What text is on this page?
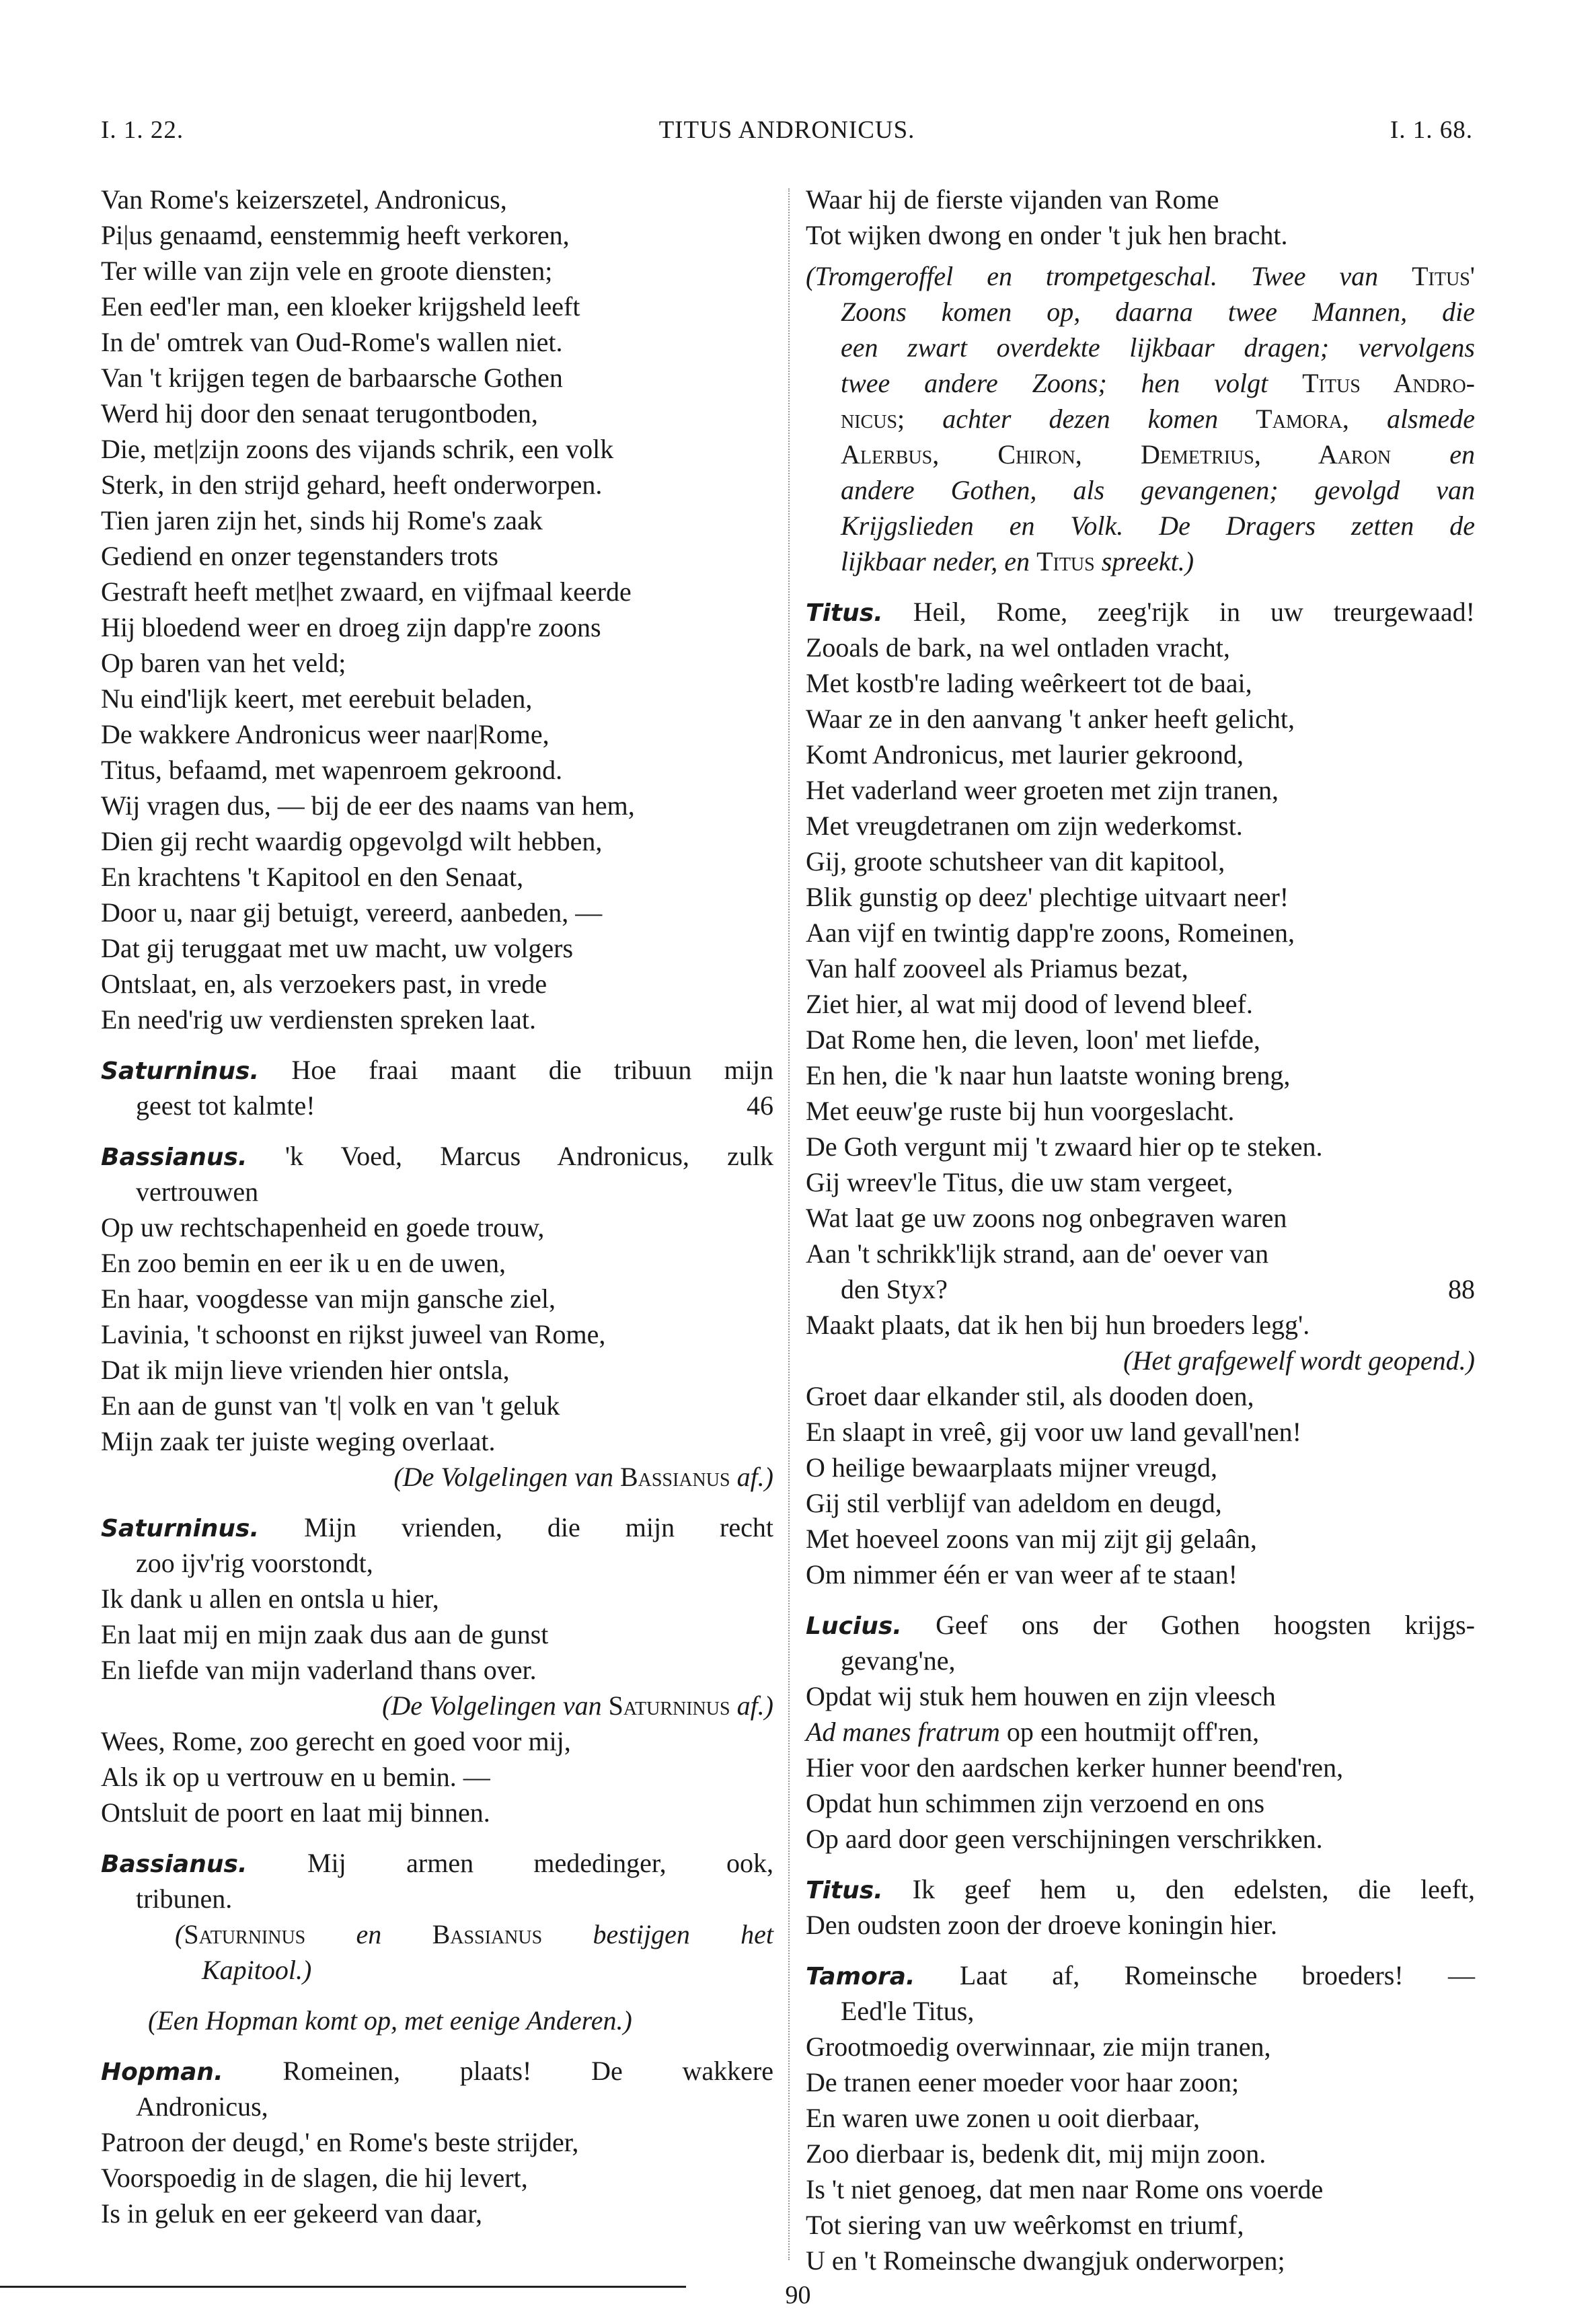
I. 1. 22.	TITUS ANDRONICUS.	I. 1. 68.
Van Rome's keizerszetel, Andronicus,
Pi|us genaamd, eenstemmig heeft verkoren,
Ter wille van zijn vele en groote diensten;
Een eed'ler man, een kloeker krijgsheld leeft
In de' omtrek van Oud-Rome's wallen niet.
Van 't krijgen tegen de barbaarsche Gothen
Werd hij door den senaat terugontboden,
Die, met|zijn zoons des vijands schrik, een volk
Sterk, in den strijd gehard, heeft onderworpen.
Tien jaren zijn het, sinds hij Rome's zaak
Gediend en onzer tegenstanders trots
Gestraft heeft met|het zwaard, en vijfmaal keerde
Hij bloedend weer en droeg zijn dapp're zoons
Op baren van het veld;
Nu eind'lijk keert, met eerebuit beladen,
De wakkere Andronicus weer naar|Rome,
Titus, befaamd, met wapenroem gekroond.
Wij vragen dus, — bij de eer des naams van hem,
Dien gij recht waardig opgevolgd wilt hebben,
En krachtens 't Kapitool en den Senaat,
Door u, naar gij betuigt, vereerd, aanbeden, —
Dat gij teruggaat met uw macht, uw volgers
Ontslaat, en, als verzoekers past, in vrede
En need'rig uw verdiensten spreken laat.
Saturninus. Hoe fraai maant die tribuun mijn
geest tot kalmte!	46
Bassianus. 'k Voed, Marcus Andronicus, zulk
vertrouwen
Op uw rechtschapenheid en goede trouw,
En zoo bemin en eer ik u en de uwen,
En haar, voogdesse van mijn gansche ziel,
Lavinia, 't schoonst en rijkst juweel van Rome,
Dat ik mijn lieve vrienden hier ontsla,
En aan de gunst van 't| volk en van 't geluk
Mijn zaak ter juiste weging overlaat.
(De Volgelingen van Bassianus af.)
Saturninus. Mijn vrienden, die mijn recht
zoo ijv'rig voorstondt,
Ik dank u allen en ontsla u hier,
En laat mij en mijn zaak dus aan de gunst
En liefde van mijn vaderland thans over.
(De Volgelingen van Saturninus af.)
Wees, Rome, zoo gerecht en goed voor mij,
Als ik op u vertrouw en u bemin. —
Ontsluit de poort en laat mij binnen.
Bassianus. Mij armen mededinger, ook,
tribunen.
(Saturninus en Bassianus bestijgen het
Kapitool.)
(Een Hopman komt op, met eenige Anderen.)
Hopman. Romeinen, plaats! De wakkere
Andronicus,
Patroon der deugd,' en Rome's beste strijder,
Voorspoedig in de slagen, die hij levert,
Is in geluk en eer gekeerd van daar,
Waar hij de fierste vijanden van Rome
Tot wijken dwong en onder 't juk hen bracht.
(Tromgeroffel en trompetgeschal. Twee van Titus'
Zoons komen op, daarna twee Mannen, die
een zwart overdekte lijkbaar dragen; vervolgens
twee andere Zoons; hen volgt Titus Andro-
nicus; achter dezen komen Tamora, alsmede
Alerbus, Chiron, Demetrius, Aaron en
andere Gothen, als gevangenen; gevolgd van
Krijgslieden en Volk. De Dragers zetten de
lijkbaar neder, en Titus spreekt.)
Titus. Heil, Rome, zeeg'rijk in uw treurgewaad!
Zooals de bark, na wel ontladen vracht,
Met kostb're lading weêrkeert tot de baai,
Waar ze in den aanvang 't anker heeft gelicht,
Komt Andronicus, met laurier gekroond,
Het vaderland weer groeten met zijn tranen,
Met vreugdetranen om zijn wederkomst.
Gij, groote schutsheer van dit kapitool,
Blik gunstig op deez' plechtige uitvaart neer!
Aan vijf en twintig dapp're zoons, Romeinen,
Van half zooveel als Priamus bezat,
Ziet hier, al wat mij dood of levend bleef.
Dat Rome hen, die leven, loon' met liefde,
En hen, die 'k naar hun laatste woning breng,
Met eeuw'ge ruste bij hun voorgeslacht.
De Goth vergunt mij 't zwaard hier op te steken.
Gij wreev'le Titus, die uw stam vergeet,
Wat laat ge uw zoons nog onbegraven waren
Aan 't schrikk'lijk strand, aan de' oever van
den Styx?	88
Maakt plaats, dat ik hen bij hun broeders legg'.
(Het grafgewelf wordt geopend.)
Groet daar elkander stil, als dooden doen,
En slaapt in vreê, gij voor uw land gevall'nen!
O heilige bewaarplaats mijner vreugd,
Gij stil verblijf van adeldom en deugd,
Met hoeveel zoons van mij zijt gij gelaân,
Om nimmer één er van weer af te staan!
Lucius. Geef ons der Gothen hoogsten krijgs-
gevang'ne,
Opdat wij stuk hem houwen en zijn vleesch
Ad manes fratrum op een houtmijt off'ren,
Hier voor den aardschen kerker hunner beend'ren,
Opdat hun schimmen zijn verzoend en ons
Op aard door geen verschijningen verschrikken.
Titus. Ik geef hem u, den edelsten, die leeft,
Den oudsten zoon der droeve koningin hier.
Tamora. Laat af, Romeinsche broeders! —
Eed'le Titus,
Grootmoedig overwinnaar, zie mijn tranen,
De tranen eener moeder voor haar zoon;
En waren uwe zonen u ooit dierbaar,
Zoo dierbaar is, bedenk dit, mij mijn zoon.
Is 't niet genoeg, dat men naar Rome ons voerde
Tot siering van uw weêrkomst en triumf,
U en 't Romeinsche dwangjuk onderworpen;
90
